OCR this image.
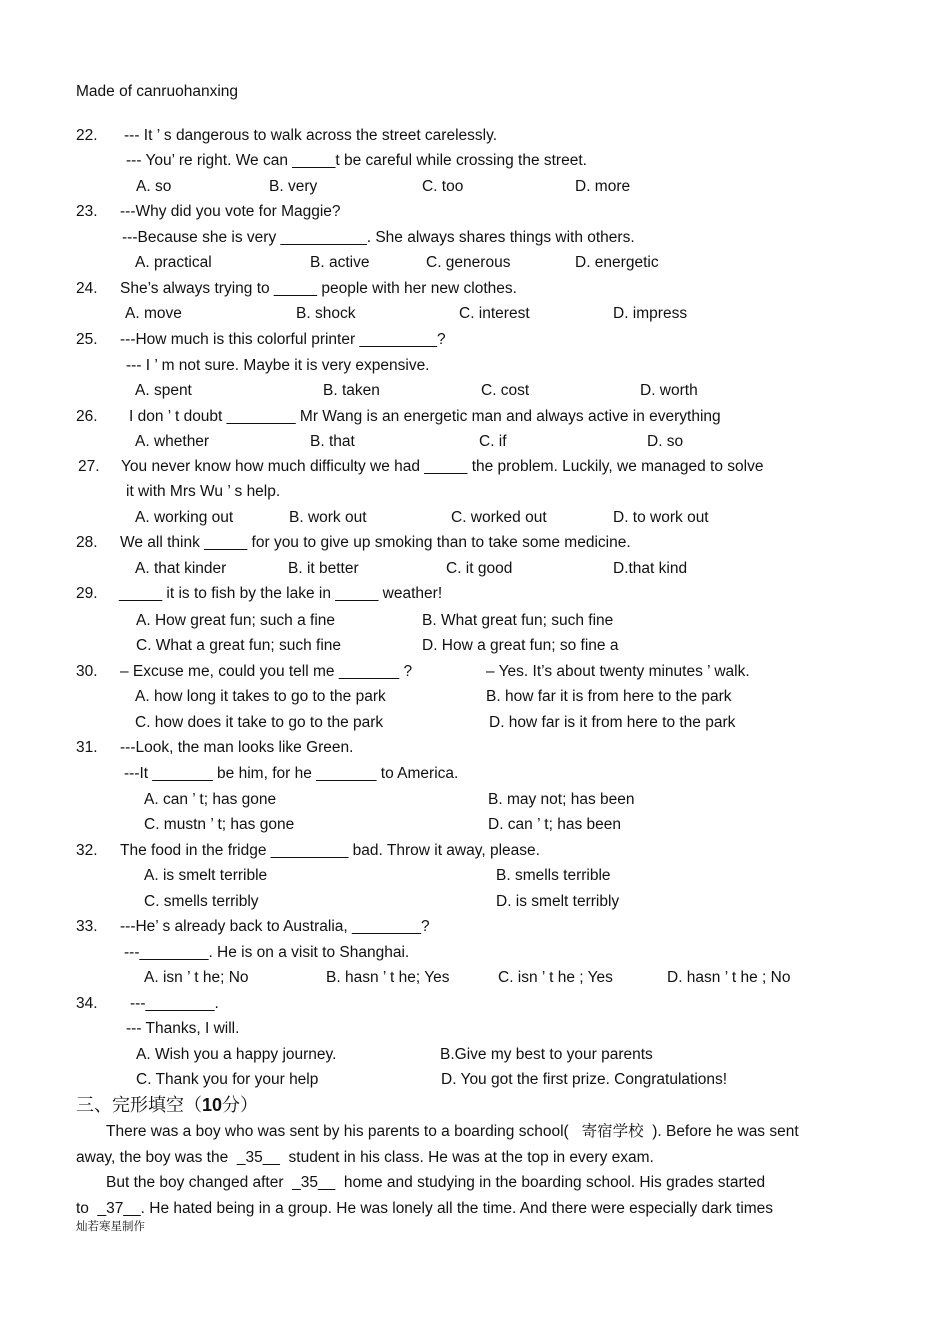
Made of canruohanxing
22. --- It ’ s dangerous to walk across the street carelessly.
--- You’ re right. We can _____t be careful while crossing the street.
A. so	B. very	C. too	D. more
23. ---Why did you vote for Maggie?
---Because she is very __________. She always shares things with others.
A. practical	B. active	C. generous	D. energetic
24. She’s always trying to _____ people with her new clothes.
A. move	B. shock	C. interest	D. impress
25. ---How much is this colorful printer _________?
--- I ’ m not sure. Maybe it is very expensive.
A. spent	B. taken	C. cost	D. worth
26. I don ’ t doubt ________ Mr Wang is an energetic man and always active in everything
A. whether	B. that	C. if	D. so
27. You never know how much difficulty we had _____ the problem. Luckily, we managed to solve
it with Mrs Wu ’ s help.
A. working out	B. work out	C. worked out	D. to work out
28. We all think _____ for you to give up smoking than to take some medicine.
A. that kinder	B. it better	C. it good	D.that kind
29. _____ it is to fish by the lake in _____ weather!
A. How great fun; such a fine	B. What great fun; such fine
C. What a great fun; such fine	D. How a great fun; so fine a
30. – Excuse me, could you tell me _______ ?	– Yes. It’s about twenty minutes ’ walk.
A. how long it takes to go to the park	B. how far it is from here to the park
C. how does it take to go to the park	D. how far is it from here to the park
31. ---Look, the man looks like Green.
---It _______ be him, for he _______ to America.
A. can ’ t; has gone	B. may not; has been
C. mustn ’ t; has gone	D. can ’ t; has been
32. The food in the fridge _________ bad. Throw it away, please.
A. is smelt terrible	B. smells terrible
C. smells terribly	D. is smelt terribly
33. ---He’ s already back to Australia, ________?
---________. He is on a visit to Shanghai.
A. isn ’ t he; No	B. hasn ’ t he; Yes	C. isn ’ t he ; Yes	D. hasn ’ t he ; No
34. ---________.
--- Thanks, I will.
A. Wish you a happy journey.	B.Give my best to your parents
C. Thank you for your help	D. You got the first prize. Congratulations!
三、完形填空（10分）
There was a boy who was sent by his parents to a boarding school(   寄宿学校  ). Before he was sent
away, the boy was the  _35__  student in his class. He was at the top in every exam.
But the boy changed after  _35__  home and studying in the boarding school. His grades started
to  _37__. He hated being in a group. He was lonely all the time. And there were especially dark times
灿若寒星制作
